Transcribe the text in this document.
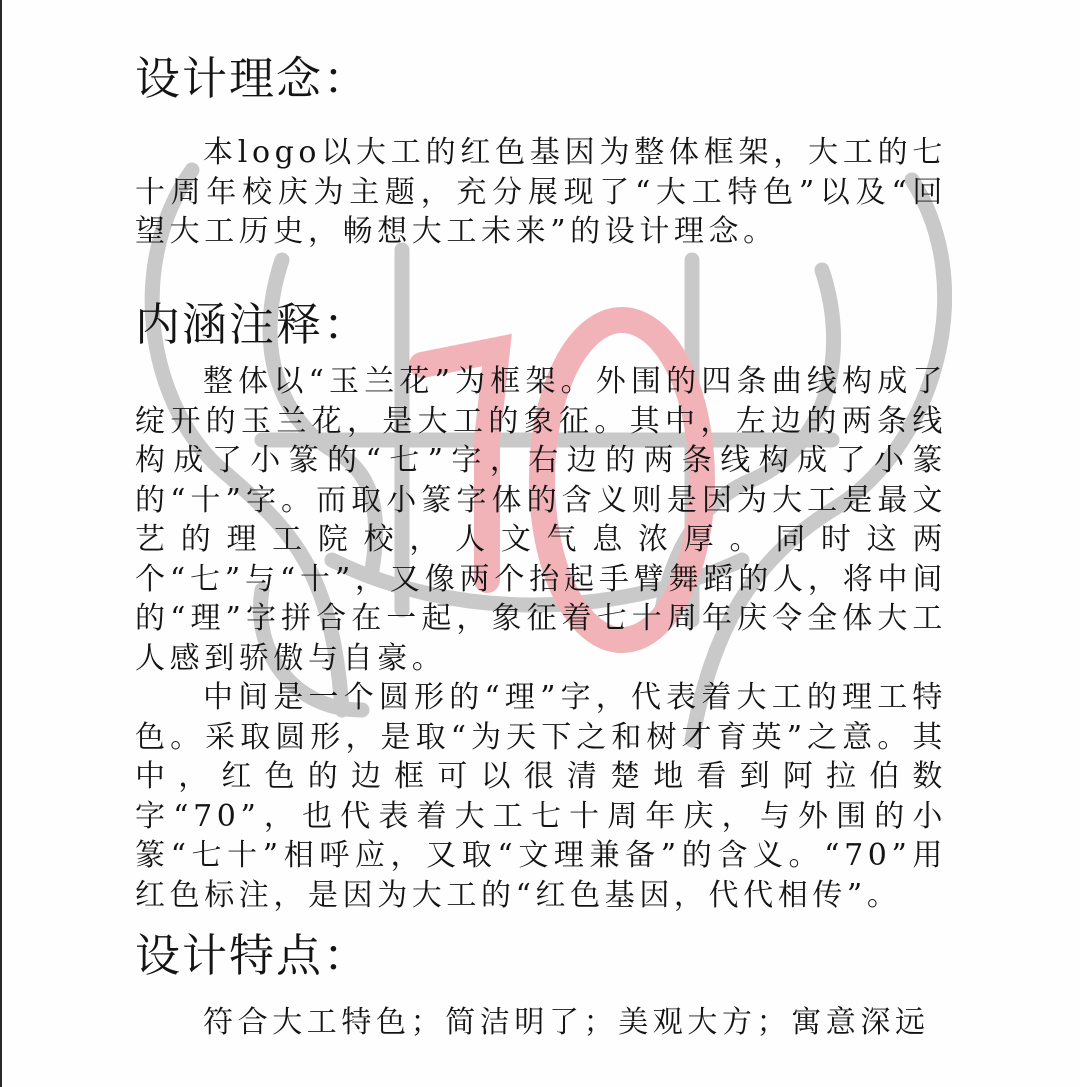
设计理念：

本logo以大工的红色基因为整体框架，大工的七十周年校庆为主题，充分展现了“大工特色”以及“回望大工历史，畅想大工未来”的设计理念。

内涵注释：

整体以“玉兰花”为框架。外围的四条曲线构成了绽开的玉兰花，是大工的象征。其中，左边的两条线构成了小篆的“七”字，右边的两条线构成了小篆的“十”字。而取小篆字体的含义则是因为大工是最文艺的理工院校，人文气息浓厚。同时这两个“七”与“十”，又像两个抬起手臂舞蹈的人，将中间的“理”字拼合在一起，象征着七十周年庆令全体大工人感到骄傲与自豪。

中间是一个圆形的“理”字，代表着大工的理工特色。采取圆形，是取“为天下之和树才育英”之意。其中，红色的边框可以很清楚地看到阿拉伯数字“70”，也代表着大工七十周年庆，与外围的小篆“七十”相呼应，又取“文理兼备”的含义。“70”用红色标注，是因为大工的“红色基因，代代相传”。

设计特点：
符合大工特色；简洁明了；美观大方；寓意深远
